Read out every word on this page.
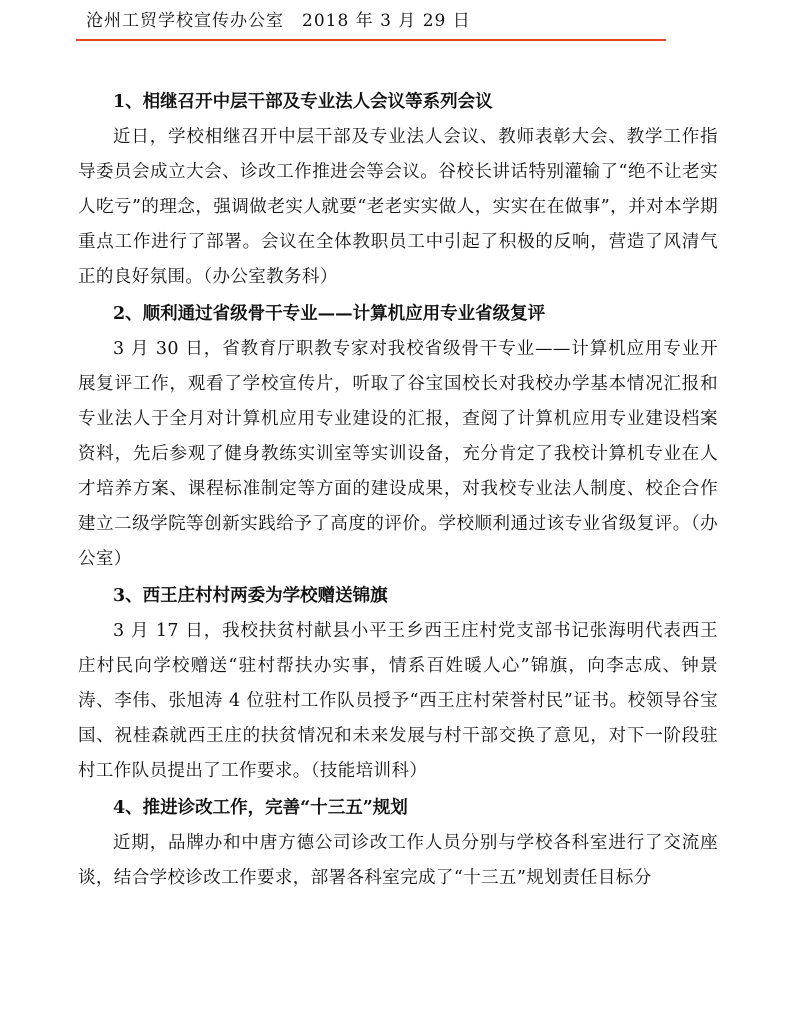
沧州工贸学校宣传办公室　2018 年 3 月 29 日

1、相继召开中层干部及专业法人会议等系列会议

近日，学校相继召开中层干部及专业法人会议、教师表彰大会、教学工作指导委员会成立大会、诊改工作推进会等会议。谷校长讲话特别灌输了“绝不让老实人吃亏”的理念，强调做老实人就要“老老实实做人，实实在在做事”，并对本学期重点工作进行了部署。会议在全体教职员工中引起了积极的反响，营造了风清气正的良好氛围。（办公室教务科）

2、顺利通过省级骨干专业——计算机应用专业省级复评

3 月 30 日，省教育厅职教专家对我校省级骨干专业——计算机应用专业开展复评工作，观看了学校宣传片，听取了谷宝国校长对我校办学基本情况汇报和专业法人于全月对计算机应用专业建设的汇报，查阅了计算机应用专业建设档案资料，先后参观了健身教练实训室等实训设备，充分肯定了我校计算机专业在人才培养方案、课程标准制定等方面的建设成果，对我校专业法人制度、校企合作建立二级学院等创新实践给予了高度的评价。学校顺利通过该专业省级复评。（办公室）

3、西王庄村村两委为学校赠送锦旗

3 月 17 日，我校扶贫村献县小平王乡西王庄村党支部书记张海明代表西王庄村民向学校赠送“驻村帮扶办实事，情系百姓暖人心”锦旗，向李志成、钟景涛、李伟、张旭涛 4 位驻村工作队员授予“西王庄村荣誉村民”证书。校领导谷宝国、祝桂森就西王庄的扶贫情况和未来发展与村干部交换了意见，对下一阶段驻村工作队员提出了工作要求。（技能培训科）

4、推进诊改工作，完善“十三五”规划

近期，品牌办和中唐方德公司诊改工作人员分别与学校各科室进行了交流座谈，结合学校诊改工作要求，部署各科室完成了“十三五”规划责任目标分
